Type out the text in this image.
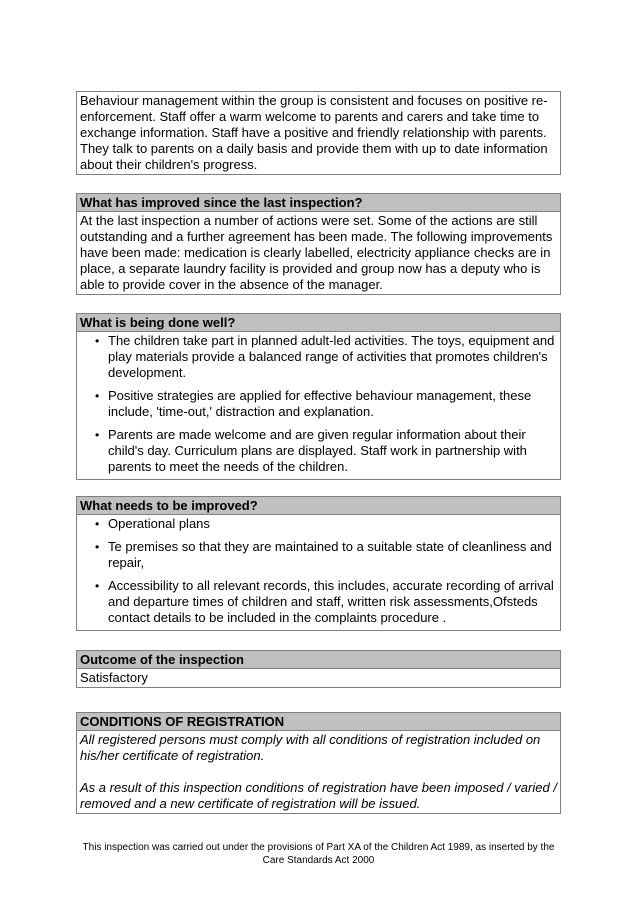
Behaviour management within the group is consistent and focuses on positive re-enforcement. Staff offer a warm welcome to parents and carers and take time to exchange information. Staff have a positive and friendly relationship with parents. They talk to parents on a daily basis and provide them with up to date information about their children's progress.

What has improved since the last inspection?

At the last inspection a number of actions were set. Some of the actions are still outstanding and a further agreement has been made. The following improvements have been made: medication is clearly labelled, electricity appliance checks are in place, a separate laundry facility is provided and group now has a deputy who is able to provide cover in the absence of the manager.

What is being done well?
• The children take part in planned adult-led activities. The toys, equipment and play materials provide a balanced range of activities that promotes children's development.
• Positive strategies are applied for effective behaviour management, these include, 'time-out,' distraction and explanation.
• Parents are made welcome and are given regular information about their child's day. Curriculum plans are displayed. Staff work in partnership with parents to meet the needs of the children.
What needs to be improved?
• Operational plans
• Te premises so that they are maintained to a suitable state of cleanliness and repair,
• Accessibility to all relevant records, this includes, accurate recording of arrival and departure times of children and staff, written risk assessments,Ofsteds contact details to be included in the complaints procedure .
Outcome of the inspection

Satisfactory

CONDITIONS OF REGISTRATION

All registered persons must comply with all conditions of registration included on his/her certificate of registration.

As a result of this inspection conditions of registration have been imposed / varied / removed and a new certificate of registration will be issued.

This inspection was carried out under the provisions of Part XA of the Children Act 1989, as inserted by the Care Standards Act 2000
